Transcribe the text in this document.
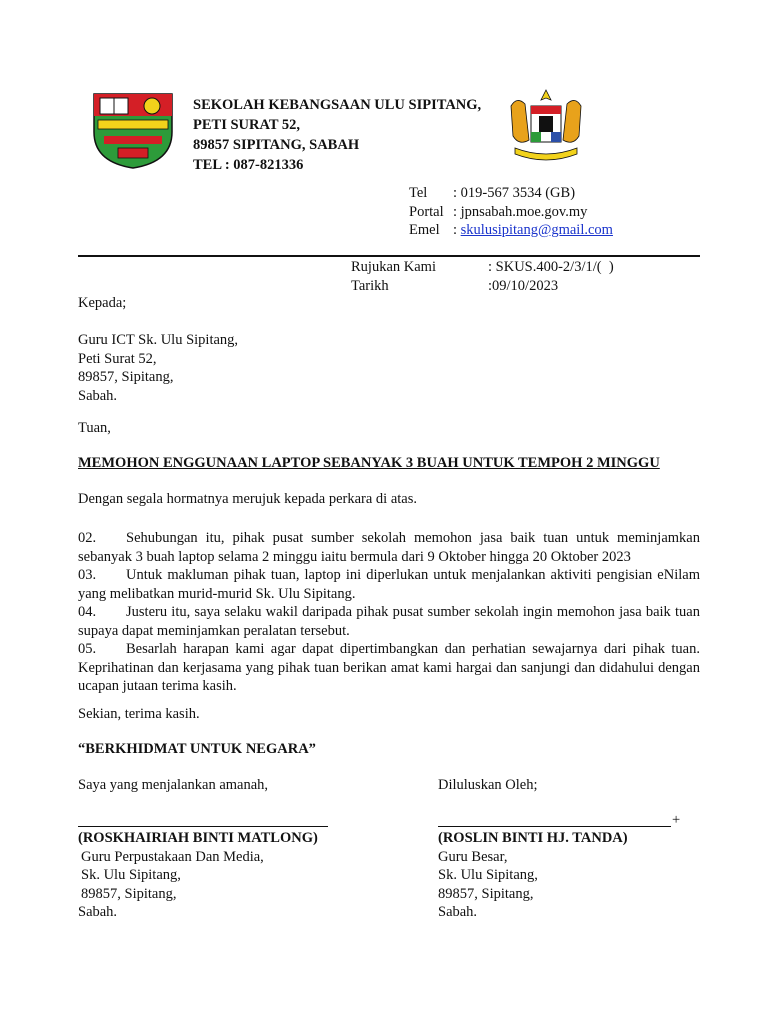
SEKOLAH KEBANGSAAN ULU SIPITANG,
PETI SURAT 52,
89857 SIPITANG, SABAH
TEL : 087-821336
Tel	: 019-567 3534 (GB)
Portal : jpnsabah.moe.gov.my
Emel : skulusipitang@gmail.com
Rujukan Kami	: SKUS.400-2/3/1/(  )
Tarikh	:09/10/2023
Kepada;
Guru ICT Sk. Ulu Sipitang,
Peti Surat 52,
89857, Sipitang,
Sabah.
Tuan,
MEMOHON ENGGUNAAN LAPTOP SEBANYAK 3 BUAH UNTUK TEMPOH 2 MINGGU
Dengan segala hormatnya merujuk kepada perkara di atas.
02. Sehubungan itu, pihak pusat sumber sekolah memohon jasa baik tuan untuk meminjamkan sebanyak 3 buah laptop selama 2 minggu iaitu bermula dari 9 Oktober hingga 20 Oktober 2023
03. Untuk makluman pihak tuan, laptop ini diperlukan untuk menjalankan aktiviti pengisian eNilam yang melibatkan murid-murid Sk. Ulu Sipitang.
04. Justeru itu, saya selaku wakil daripada pihak pusat sumber sekolah ingin memohon jasa baik tuan supaya dapat meminjamkan peralatan tersebut.
05. Besarlah harapan kami agar dapat dipertimbangkan dan perhatian sewajarnya dari pihak tuan. Keprihatinan dan kerjasama yang pihak tuan berikan amat kami hargai dan sanjungi dan didahului dengan ucapan jutaan terima kasih.
Sekian, terima kasih.
“BERKHIDMAT UNTUK NEGARA”
Saya yang menjalankan amanah,
(ROSKHAIRIAH BINTI MATLONG)
Guru Perpustakaan Dan Media,
Sk. Ulu Sipitang,
89857, Sipitang,
Sabah.
Diluluskan Oleh;
+
(ROSLIN BINTI HJ. TANDA)
Guru Besar,
Sk. Ulu Sipitang,
89857, Sipitang,
Sabah.
